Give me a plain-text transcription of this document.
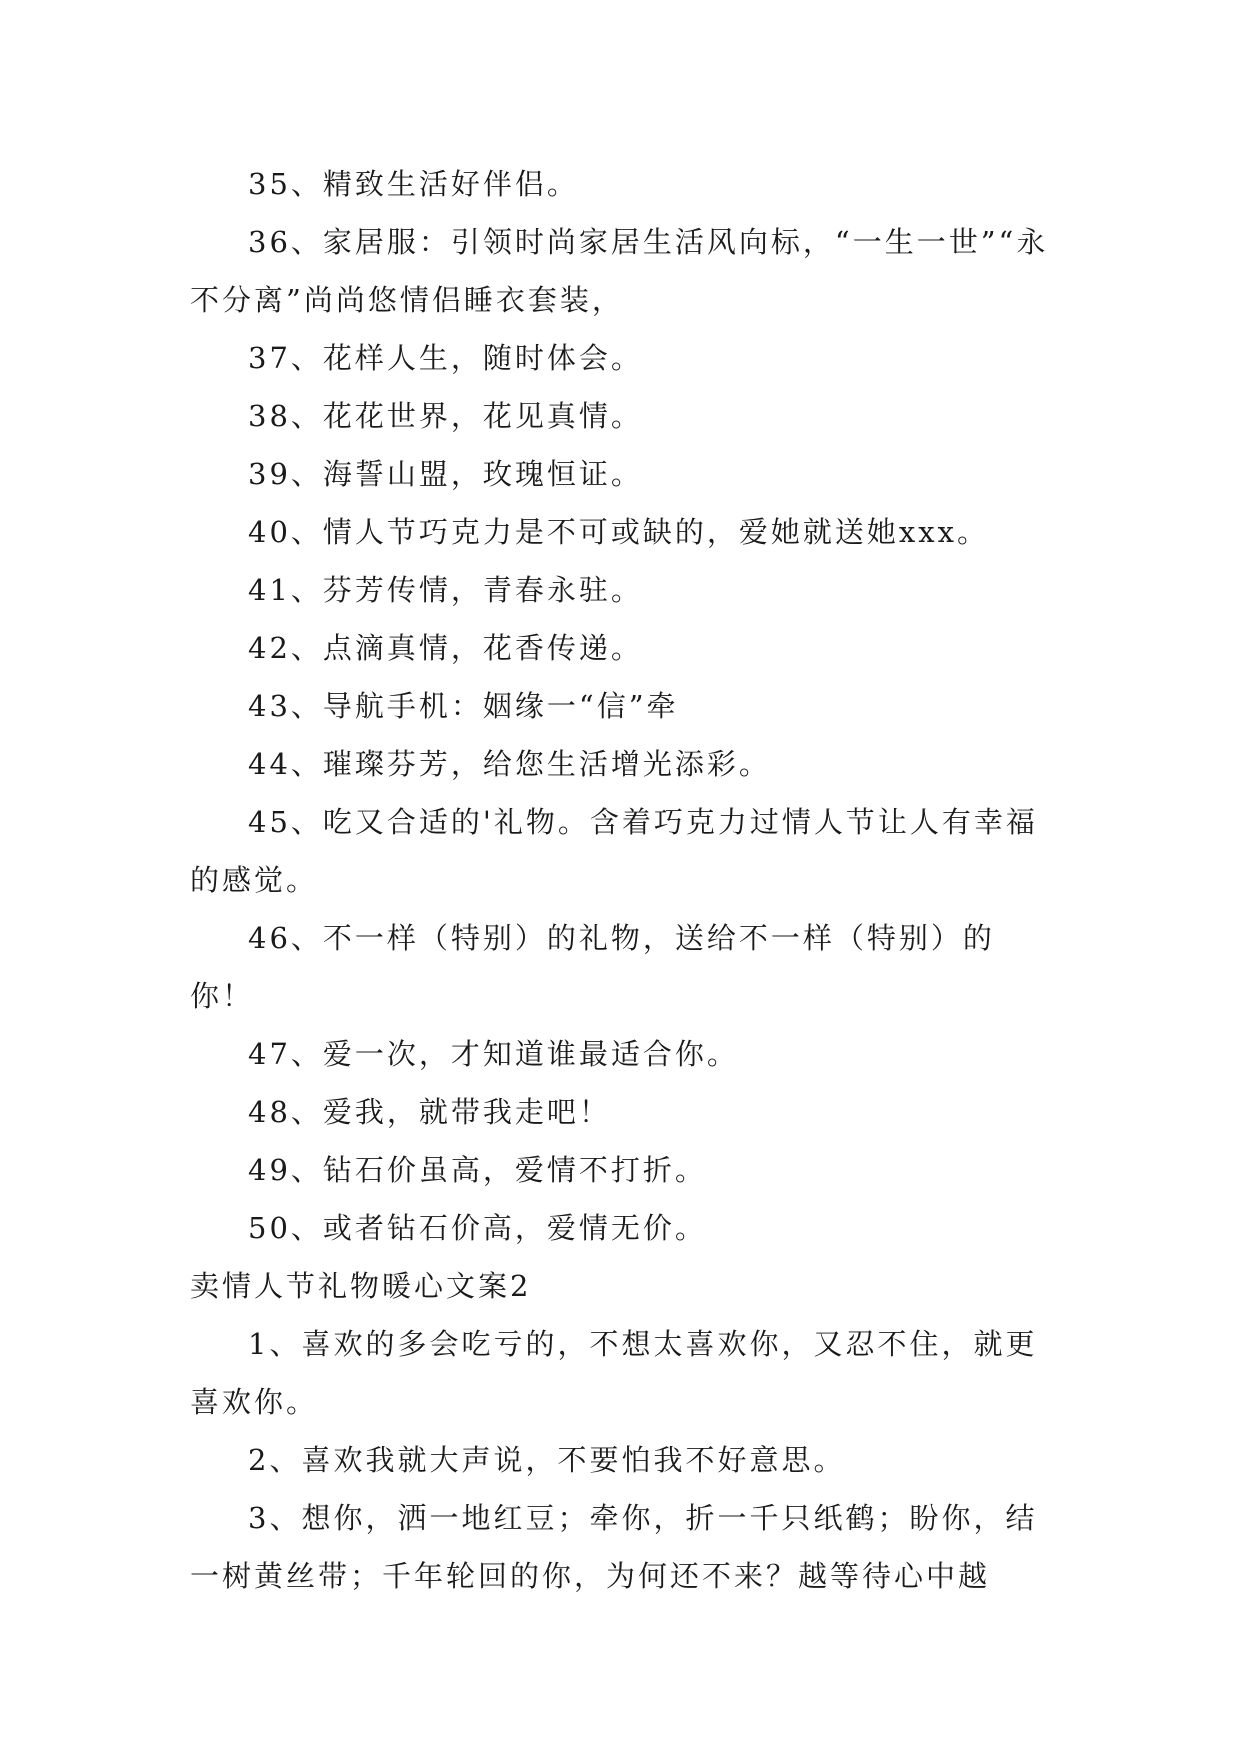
35、精致生活好伴侣。

36、家居服：引领时尚家居生活风向标，“一生一世”“永不分离”尚尚悠情侣睡衣套装，

37、花样人生，随时体会。

38、花花世界，花见真情。

39、海誓山盟，玫瑰恒证。

40、情人节巧克力是不可或缺的，爱她就送她xxx。

41、芬芳传情，青春永驻。

42、点滴真情，花香传递。

43、导航手机：姻缘一“信”牵

44、璀璨芬芳，给您生活增光添彩。

45、吃又合适的'礼物。含着巧克力过情人节让人有幸福的感觉。

46、不一样（特别）的礼物，送给不一样（特别）的你！

47、爱一次，才知道谁最适合你。

48、爱我，就带我走吧！

49、钻石价虽高，爱情不打折。

50、或者钻石价高，爱情无价。

卖情人节礼物暖心文案2

1、喜欢的多会吃亏的，不想太喜欢你，又忍不住，就更喜欢你。

2、喜欢我就大声说，不要怕我不好意思。

3、想你，洒一地红豆；牵你，折一千只纸鹤；盼你，结一树黄丝带；千年轮回的你，为何还不来？越等待心中越
